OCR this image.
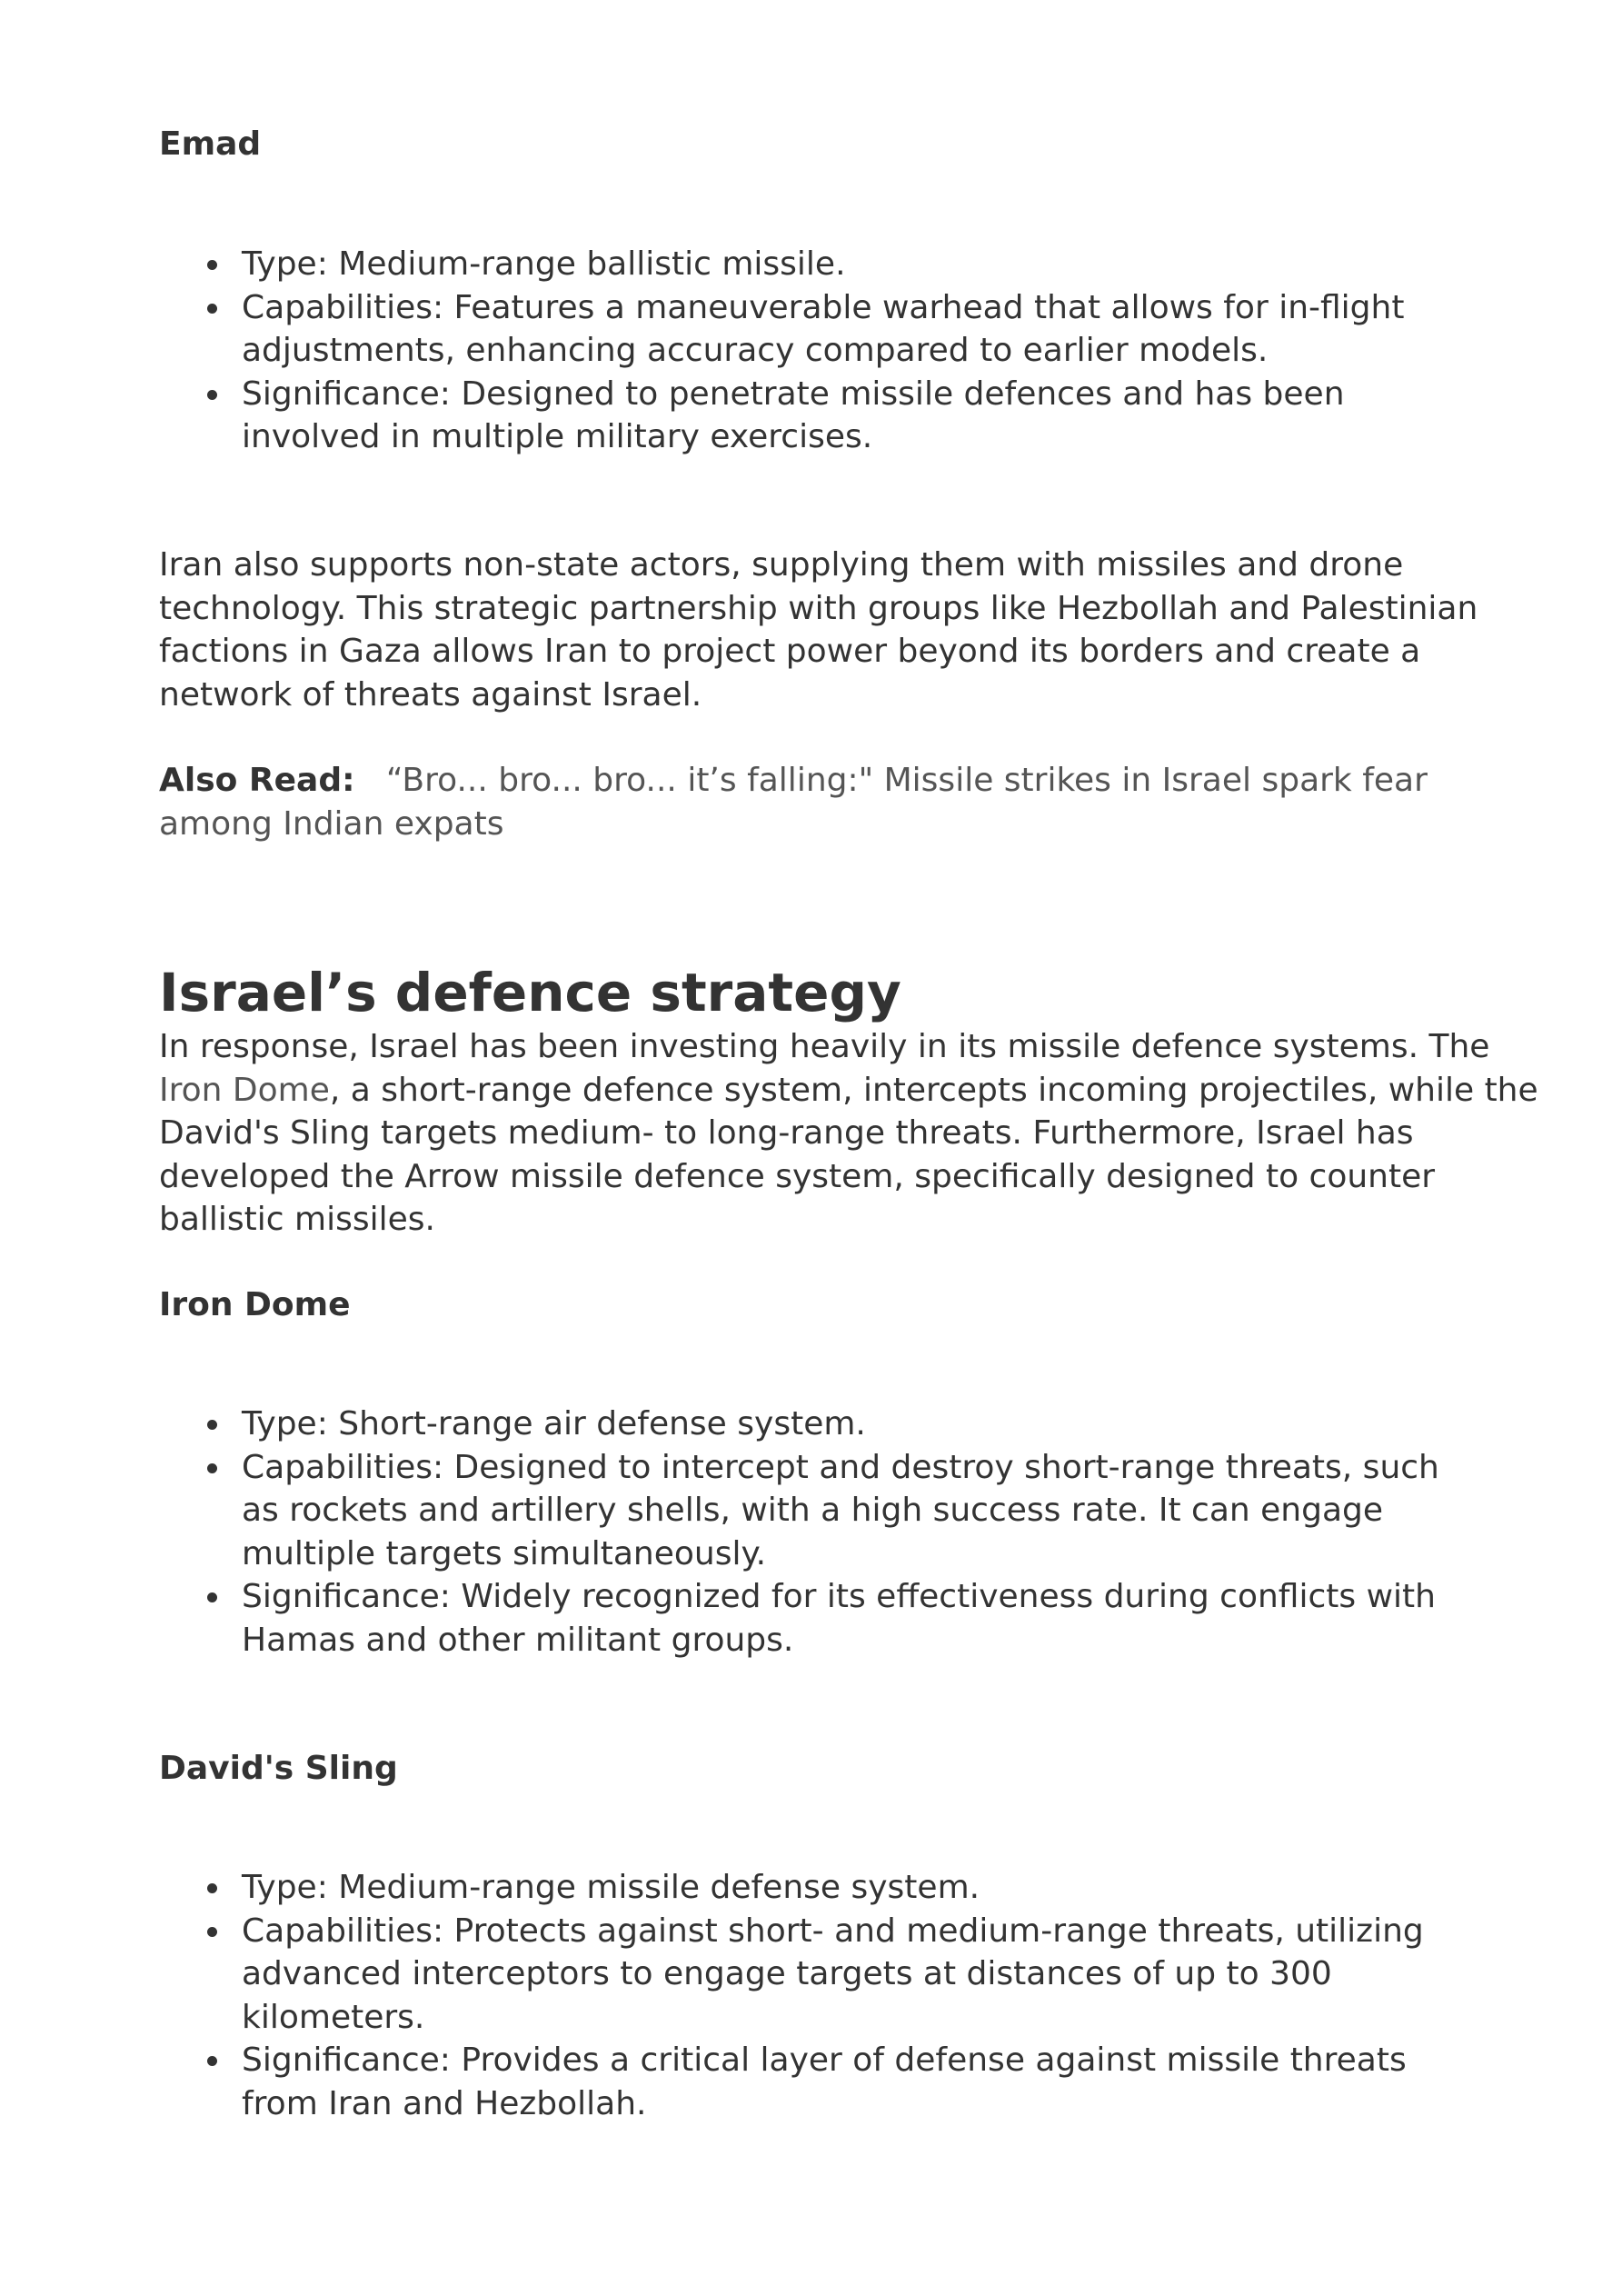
Emad
Type: Medium-range ballistic missile.
Capabilities: Features a maneuverable warhead that allows for in-flight
adjustments, enhancing accuracy compared to earlier models.
Significance: Designed to penetrate missile defences and has been
involved in multiple military exercises.

Iran also supports non-state actors, supplying them with missiles and drone
technology. This strategic partnership with groups like Hezbollah and Palestinian
factions in Gaza allows Iran to project power beyond its borders and create a
network of threats against Israel.

Also Read: “Bro... bro... bro... it’s falling:" Missile strikes in Israel spark fear
among Indian expats

Israel’s defence strategy

In response, Israel has been investing heavily in its missile defence systems. The
Iron Dome, a short-range defence system, intercepts incoming projectiles, while the
David's Sling targets medium- to long-range threats. Furthermore, Israel has
developed the Arrow missile defence system, specifically designed to counter
ballistic missiles.

Iron Dome
Type: Short-range air defense system.
Capabilities: Designed to intercept and destroy short-range threats, such
as rockets and artillery shells, with a high success rate. It can engage
multiple targets simultaneously.
Significance: Widely recognized for its effectiveness during conflicts with
Hamas and other militant groups.
David's Sling
Type: Medium-range missile defense system.
Capabilities: Protects against short- and medium-range threats, utilizing
advanced interceptors to engage targets at distances of up to 300
kilometers.
Significance: Provides a critical layer of defense against missile threats
from Iran and Hezbollah.
